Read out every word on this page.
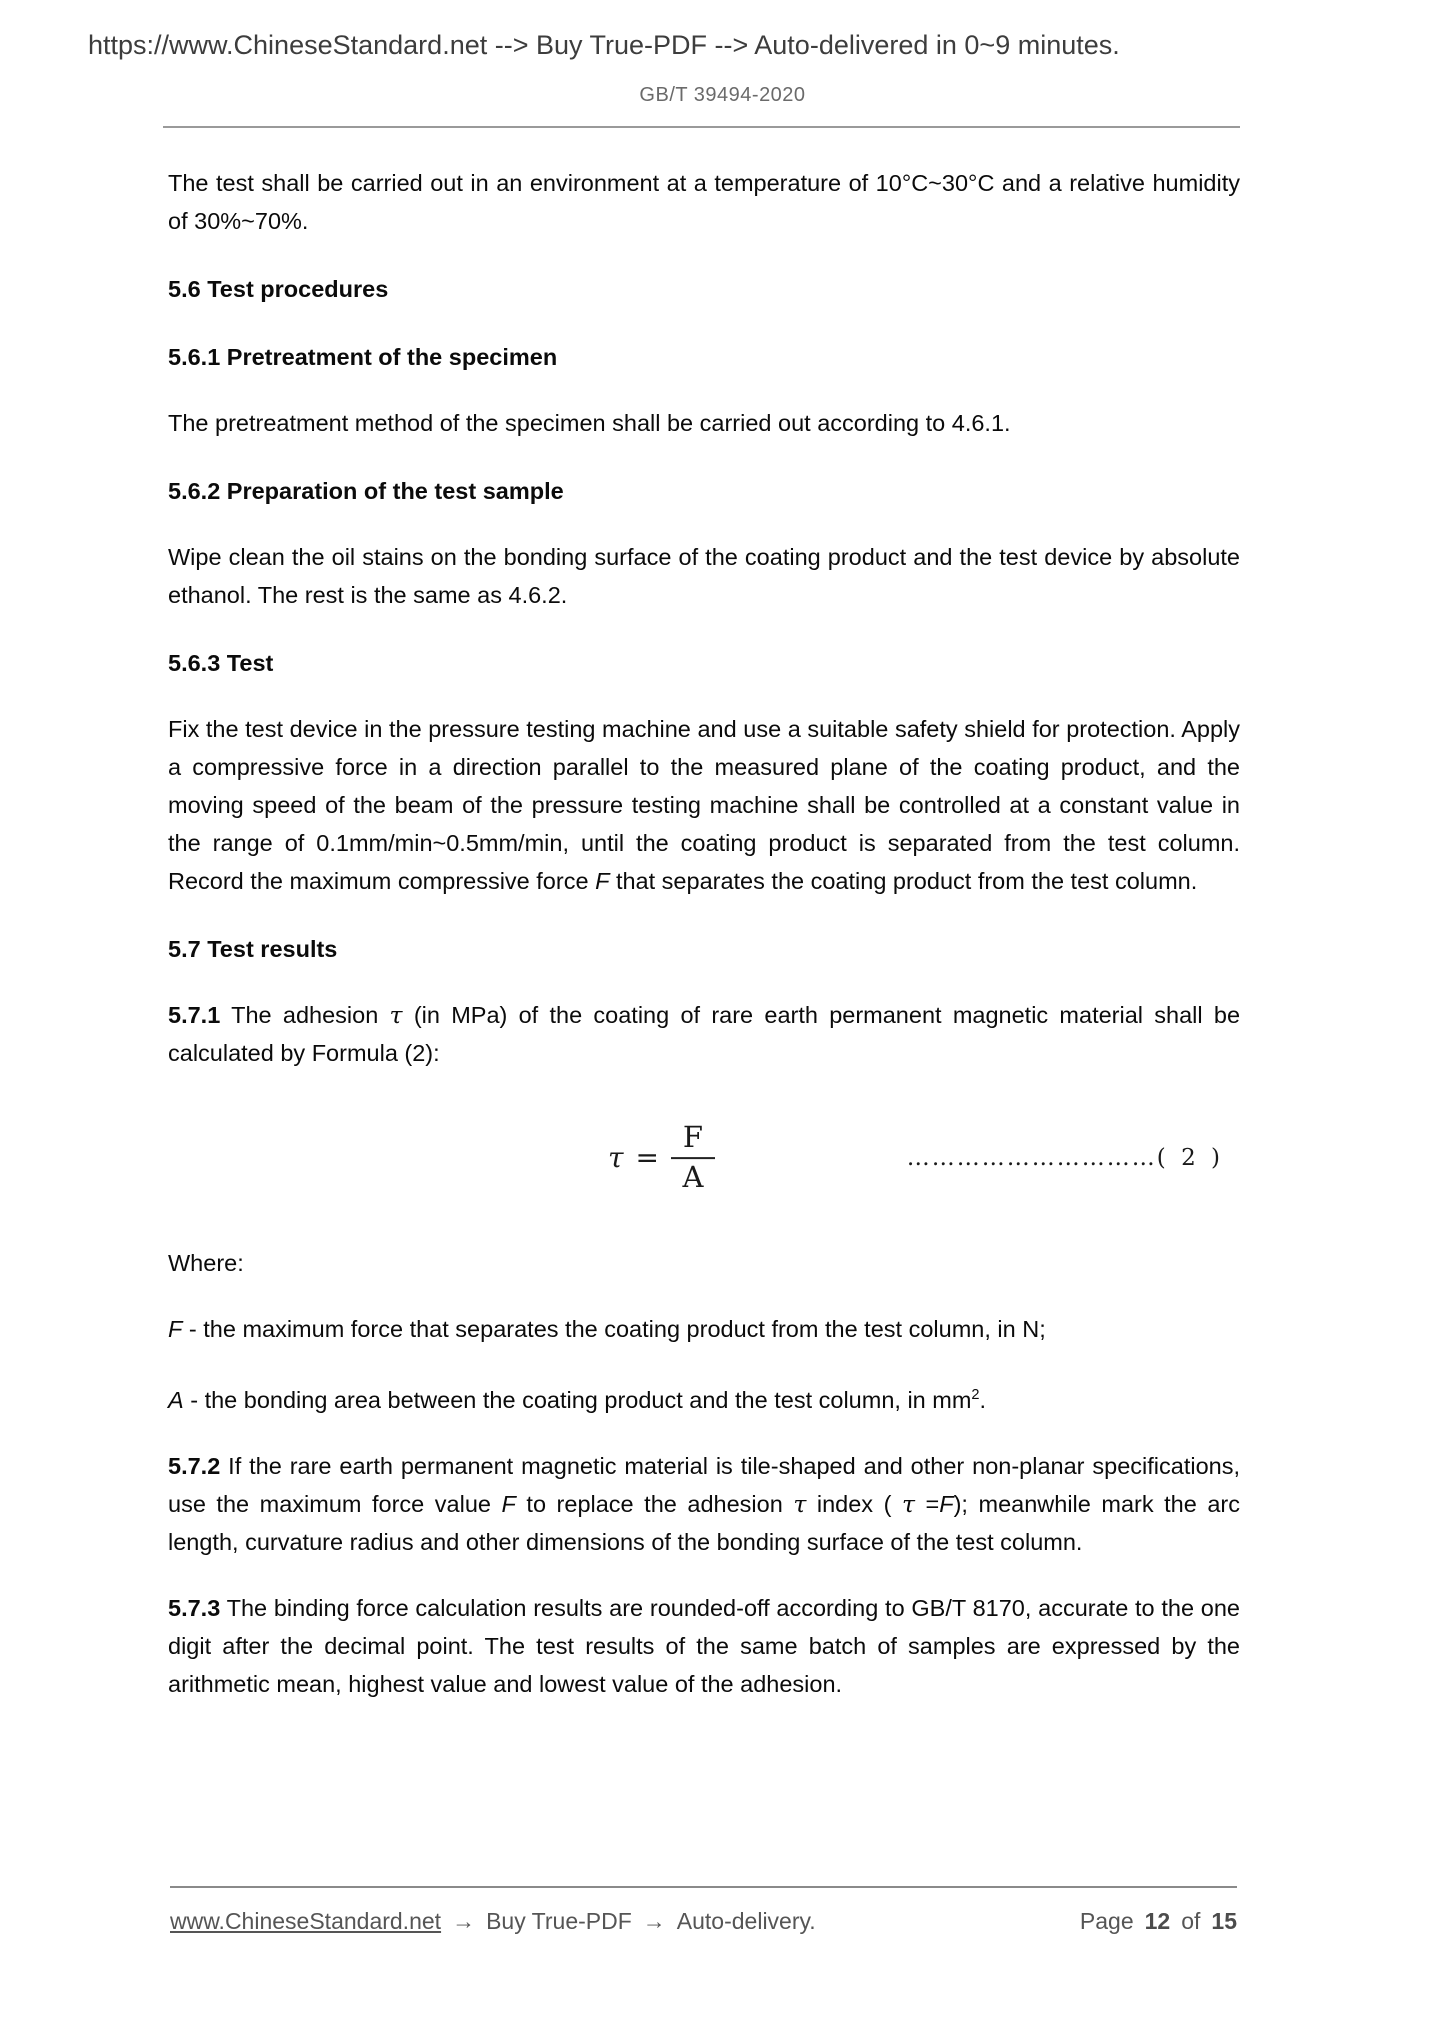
https://www.ChineseStandard.net --> Buy True-PDF --> Auto-delivered in 0~9 minutes.
GB/T 39494-2020

The test shall be carried out in an environment at a temperature of 10°C~30°C and a relative humidity of 30%~70%.

5.6 Test procedures

5.6.1 Pretreatment of the specimen

The pretreatment method of the specimen shall be carried out according to 4.6.1.

5.6.2 Preparation of the test sample

Wipe clean the oil stains on the bonding surface of the coating product and the test device by absolute ethanol. The rest is the same as 4.6.2.

5.6.3 Test

Fix the test device in the pressure testing machine and use a suitable safety shield for protection. Apply a compressive force in a direction parallel to the measured plane of the coating product, and the moving speed of the beam of the pressure testing machine shall be controlled at a constant value in the range of 0.1mm/min~0.5mm/min, until the coating product is separated from the test column. Record the maximum compressive force F that separates the coating product from the test column.

5.7 Test results

5.7.1 The adhesion τ (in MPa) of the coating of rare earth permanent magnetic material shall be calculated by Formula (2):

$\tau = \frac{F}{A}$	…………………………( 2 )

Where:

F - the maximum force that separates the coating product from the test column, in N;

A - the bonding area between the coating product and the test column, in $mm^2$.

5.7.2 If the rare earth permanent magnetic material is tile-shaped and other non-planar specifications, use the maximum force value F to replace the adhesion τ index ( τ =F); meanwhile mark the arc length, curvature radius and other dimensions of the bonding surface of the test column.

5.7.3 The binding force calculation results are rounded-off according to GB/T 8170, accurate to the one digit after the decimal point. The test results of the same batch of samples are expressed by the arithmetic mean, highest value and lowest value of the adhesion.

www.ChineseStandard.net → Buy True-PDF → Auto-delivery.	Page 12 of 15
